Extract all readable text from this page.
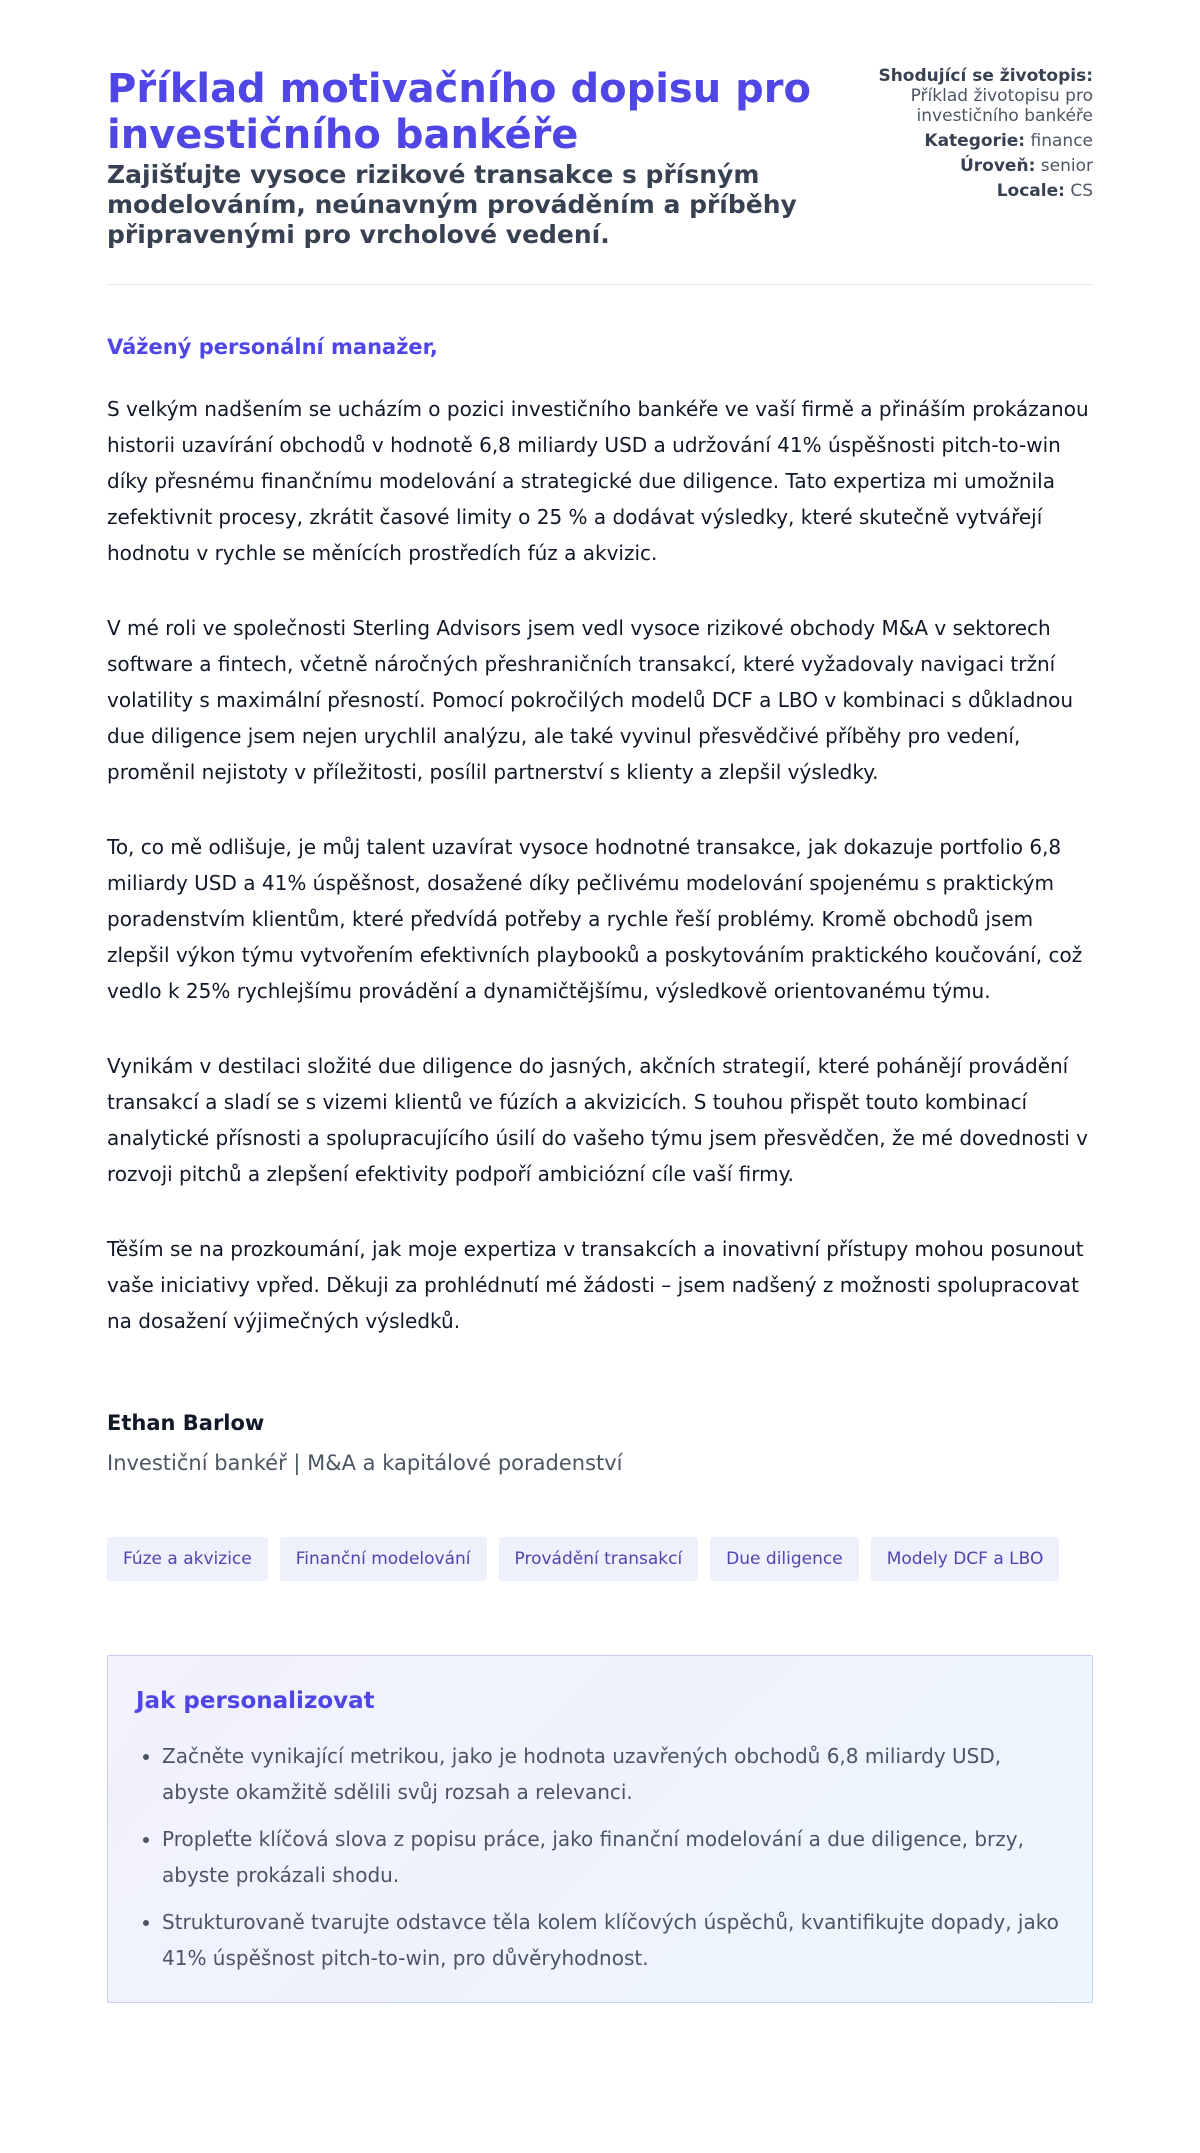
Příklad motivačního dopisu pro investičního bankéře

Zajišťujte vysoce rizikové transakce s přísným modelováním, neúnavným prováděním a příběhy připravenými pro vrcholové vedení.

Shodující se životopis:
Příklad životopisu pro investičního bankéře
Kategorie: finance
Úroveň: senior
Locale: CS

Vážený personální manažer,

S velkým nadšením se ucházím o pozici investičního bankéře ve vaší firmě a přináším prokázanou historii uzavírání obchodů v hodnotě 6,8 miliardy USD a udržování 41% úspěšnosti pitch-to-win díky přesnému finančnímu modelování a strategické due diligence. Tato expertiza mi umožnila zefektivnit procesy, zkrátit časové limity o 25 % a dodávat výsledky, které skutečně vytvářejí hodnotu v rychle se měnících prostředích fúz a akvizic.

V mé roli ve společnosti Sterling Advisors jsem vedl vysoce rizikové obchody M&A v sektorech software a fintech, včetně náročných přeshraničních transakcí, které vyžadovaly navigaci tržní volatility s maximální přesností. Pomocí pokročilých modelů DCF a LBO v kombinaci s důkladnou due diligence jsem nejen urychlil analýzu, ale také vyvinul přesvědčivé příběhy pro vedení, proměnil nejistoty v příležitosti, posílil partnerství s klienty a zlepšil výsledky.

To, co mě odlišuje, je můj talent uzavírat vysoce hodnotné transakce, jak dokazuje portfolio 6,8 miliardy USD a 41% úspěšnost, dosažené díky pečlivému modelování spojenému s praktickým poradenstvím klientům, které předvídá potřeby a rychle řeší problémy. Kromě obchodů jsem zlepšil výkon týmu vytvořením efektivních playbooků a poskytováním praktického koučování, což vedlo k 25% rychlejšímu provádění a dynamičtějšímu, výsledkově orientovanému týmu.

Vynikám v destilaci složité due diligence do jasných, akčních strategií, které pohánějí provádění transakcí a sladí se s vizemi klientů ve fúzích a akvizicích. S touhou přispět touto kombinací analytické přísnosti a spolupracujícího úsilí do vašeho týmu jsem přesvědčen, že mé dovednosti v rozvoji pitchů a zlepšení efektivity podpoří ambiciózní cíle vaší firmy.

Těším se na prozkoumání, jak moje expertiza v transakcích a inovativní přístupy mohou posunout vaše iniciativy vpřed. Děkuji za prohlédnutí mé žádosti – jsem nadšený z možnosti spolupracovat na dosažení výjimečných výsledků.

Ethan Barlow
Investiční bankéř | M&A a kapitálové poradenství
Fúze a akvizice	Finanční modelování	Provádění transakcí	Due diligence	Modely DCF a LBO
Jak personalizovat
• Začněte vynikající metrikou, jako je hodnota uzavřených obchodů 6,8 miliardy USD, abyste okamžitě sdělili svůj rozsah a relevanci.
• Propleťte klíčová slova z popisu práce, jako finanční modelování a due diligence, brzy, abyste prokázali shodu.
• Strukturovaně tvarujte odstavce těla kolem klíčových úspěchů, kvantifikujte dopady, jako 41% úspěšnost pitch-to-win, pro důvěryhodnost.
